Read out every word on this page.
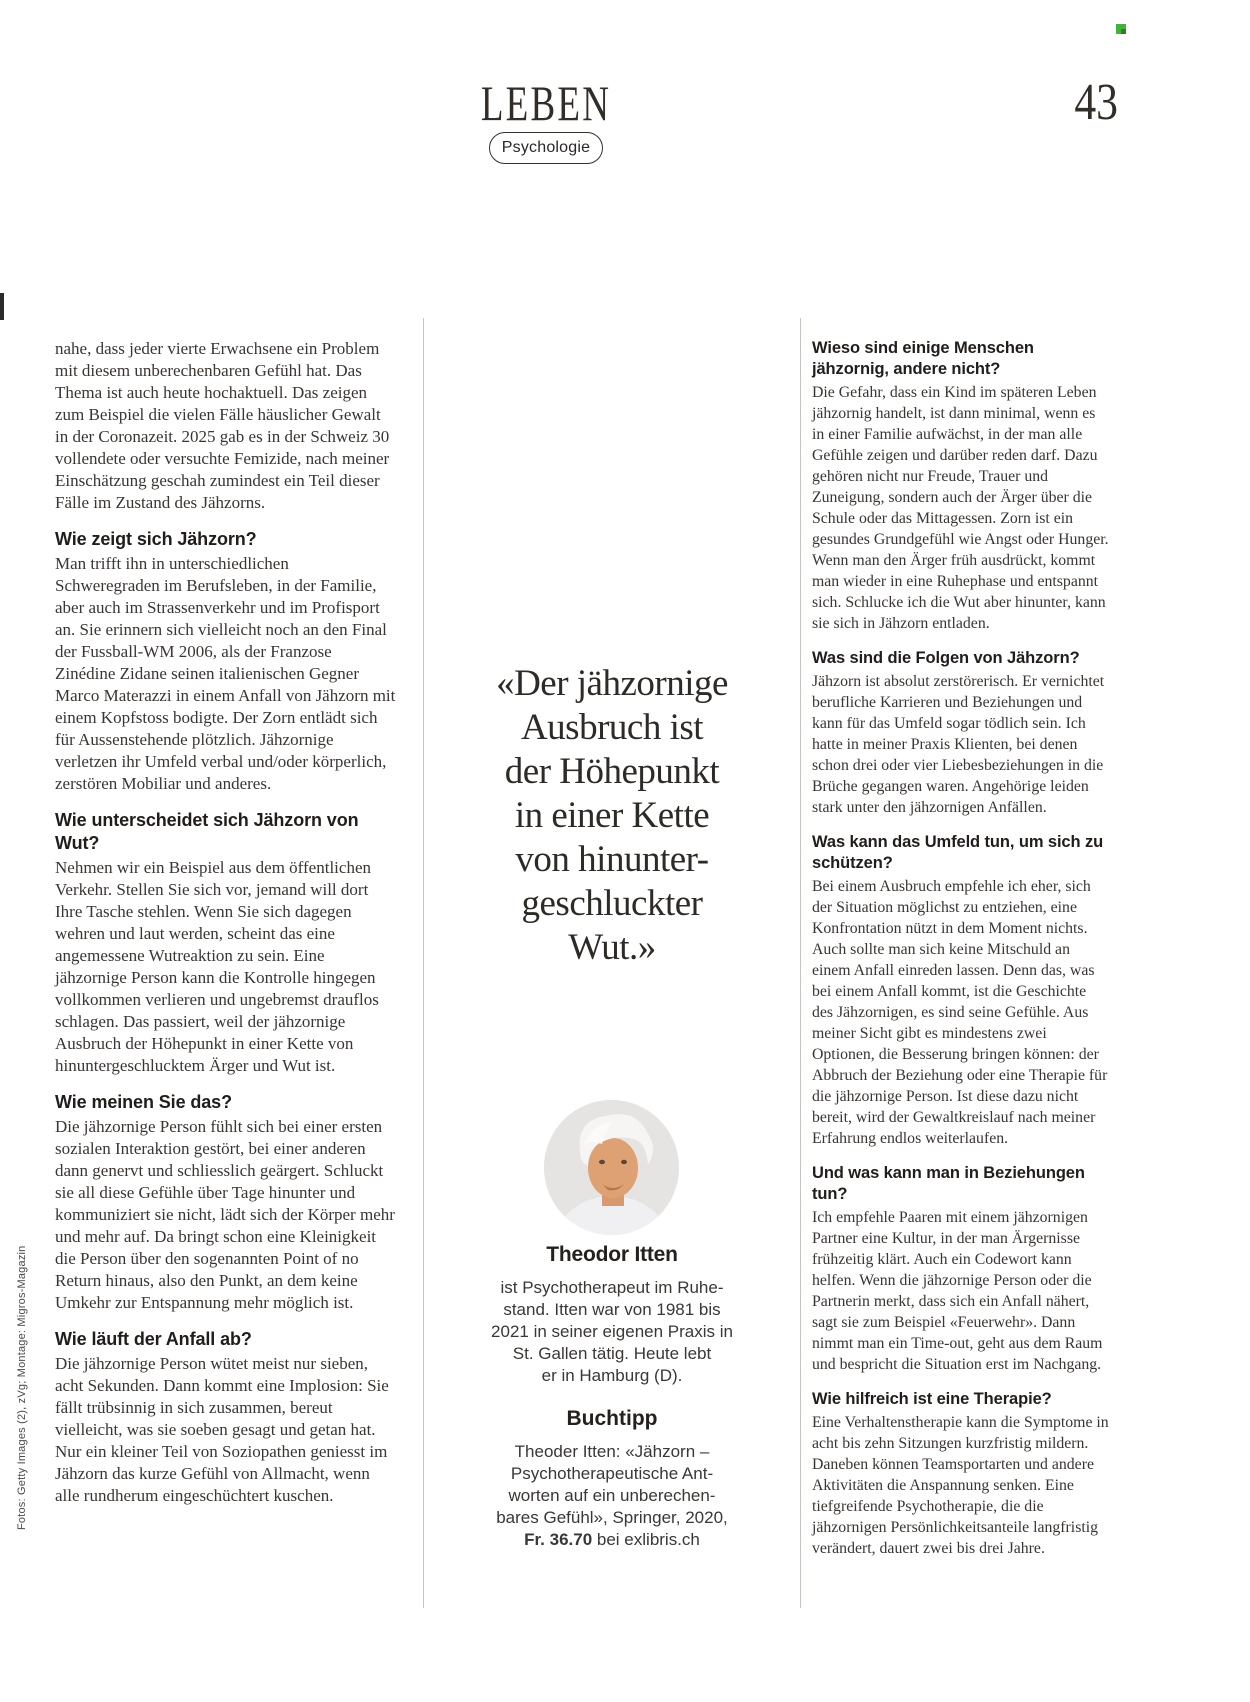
LEBEN
Psychologie
43
Fotos: Getty Images (2), zVg; Montage: Migros-Magazin

nahe, dass jeder vierte Erwachsene ein Problem mit diesem unberechenbaren Gefühl hat. Das Thema ist auch heute hochaktuell. Das zeigen zum Beispiel die vielen Fälle häuslicher Gewalt in der Coronazeit. 2025 gab es in der Schweiz 30 vollendete oder versuchte Femizide, nach meiner Einschätzung geschah zumindest ein Teil dieser Fälle im Zustand des Jähzorns.

Wie zeigt sich Jähzorn?

Man trifft ihn in unterschiedlichen Schweregraden im Berufsleben, in der Familie, aber auch im Strassenverkehr und im Profisport an. Sie erinnern sich vielleicht noch an den Final der Fussball-WM 2006, als der Franzose Zinédine Zidane seinen italienischen Gegner Marco Materazzi in einem Anfall von Jähzorn mit einem Kopfstoss bodigte. Der Zorn entlädt sich für Aussenstehende plötzlich. Jähzornige verletzen ihr Umfeld verbal und/oder körperlich, zerstören Mobiliar und anderes.

Wie unterscheidet sich Jähzorn von Wut?

Nehmen wir ein Beispiel aus dem öffentlichen Verkehr. Stellen Sie sich vor, jemand will dort Ihre Tasche stehlen. Wenn Sie sich dagegen wehren und laut werden, scheint das eine angemessene Wutreaktion zu sein. Eine jähzornige Person kann die Kontrolle hingegen vollkommen verlieren und ungebremst drauflos schlagen. Das passiert, weil der jähzornige Ausbruch der Höhepunkt in einer Kette von hinuntergeschlucktem Ärger und Wut ist.

Wie meinen Sie das?

Die jähzornige Person fühlt sich bei einer ersten sozialen Interaktion gestört, bei einer anderen dann genervt und schliesslich geärgert. Schluckt sie all diese Gefühle über Tage hinunter und kommuniziert sie nicht, lädt sich der Körper mehr und mehr auf. Da bringt schon eine Kleinigkeit die Person über den sogenannten Point of no Return hinaus, also den Punkt, an dem keine Umkehr zur Entspannung mehr möglich ist.

Wie läuft der Anfall ab?

Die jähzornige Person wütet meist nur sieben, acht Sekunden. Dann kommt eine Implosion: Sie fällt trübsinnig in sich zusammen, bereut vielleicht, was sie soeben gesagt und getan hat. Nur ein kleiner Teil von Soziopathen geniesst im Jähzorn das kurze Gefühl von Allmacht, wenn alle rundherum eingeschüchtert kuschen.

«Der jähzornige
Ausbruch ist
der Höhepunkt
in einer Kette
von hinunter-
geschluckter
Wut.»
Theodor Itten
ist Psychotherapeut im Ruhe-
stand. Itten war von 1981 bis
2021 in seiner eigenen Praxis in
St. Gallen tätig. Heute lebt
er in Hamburg (D).
Buchtipp
Theoder Itten: «Jähzorn –
Psychotherapeutische Ant-
worten auf ein unberechen-
bares Gefühl», Springer, 2020,
Fr. 36.70 bei exlibris.ch
Wieso sind einige Menschen jähzornig, andere nicht?

Die Gefahr, dass ein Kind im späteren Leben jähzornig handelt, ist dann minimal, wenn es in einer Familie aufwächst, in der man alle Gefühle zeigen und darüber reden darf. Dazu gehören nicht nur Freude, Trauer und Zuneigung, sondern auch der Ärger über die Schule oder das Mittagessen. Zorn ist ein gesundes Grundgefühl wie Angst oder Hunger. Wenn man den Ärger früh ausdrückt, kommt man wieder in eine Ruhephase und entspannt sich. Schlucke ich die Wut aber hinunter, kann sie sich in Jähzorn entladen.

Was sind die Folgen von Jähzorn?

Jähzorn ist absolut zerstörerisch. Er vernichtet berufliche Karrieren und Beziehungen und kann für das Umfeld sogar tödlich sein. Ich hatte in meiner Praxis Klienten, bei denen schon drei oder vier Liebesbeziehungen in die Brüche gegangen waren. Angehörige leiden stark unter den jähzornigen Anfällen.

Was kann das Umfeld tun, um sich zu schützen?

Bei einem Ausbruch empfehle ich eher, sich der Situation möglichst zu entziehen, eine Konfrontation nützt in dem Moment nichts. Auch sollte man sich keine Mitschuld an einem Anfall einreden lassen. Denn das, was bei einem Anfall kommt, ist die Geschichte des Jähzornigen, es sind seine Gefühle. Aus meiner Sicht gibt es mindestens zwei Optionen, die Besserung bringen können: der Abbruch der Beziehung oder eine Therapie für die jähzornige Person. Ist diese dazu nicht bereit, wird der Gewaltkreislauf nach meiner Erfahrung endlos weiterlaufen.

Und was kann man in Beziehungen tun?

Ich empfehle Paaren mit einem jähzornigen Partner eine Kultur, in der man Ärgernisse frühzeitig klärt. Auch ein Codewort kann helfen. Wenn die jähzornige Person oder die Partnerin merkt, dass sich ein Anfall nähert, sagt sie zum Beispiel «Feuerwehr». Dann nimmt man ein Time-out, geht aus dem Raum und bespricht die Situation erst im Nachgang.

Wie hilfreich ist eine Therapie?

Eine Verhaltenstherapie kann die Symptome in acht bis zehn Sitzungen kurzfristig mildern. Daneben können Teamsportarten und andere Aktivitäten die Anspannung senken. Eine tiefgreifende Psychotherapie, die die jähzornigen Persönlichkeitsanteile langfristig verändert, dauert zwei bis drei Jahre.
